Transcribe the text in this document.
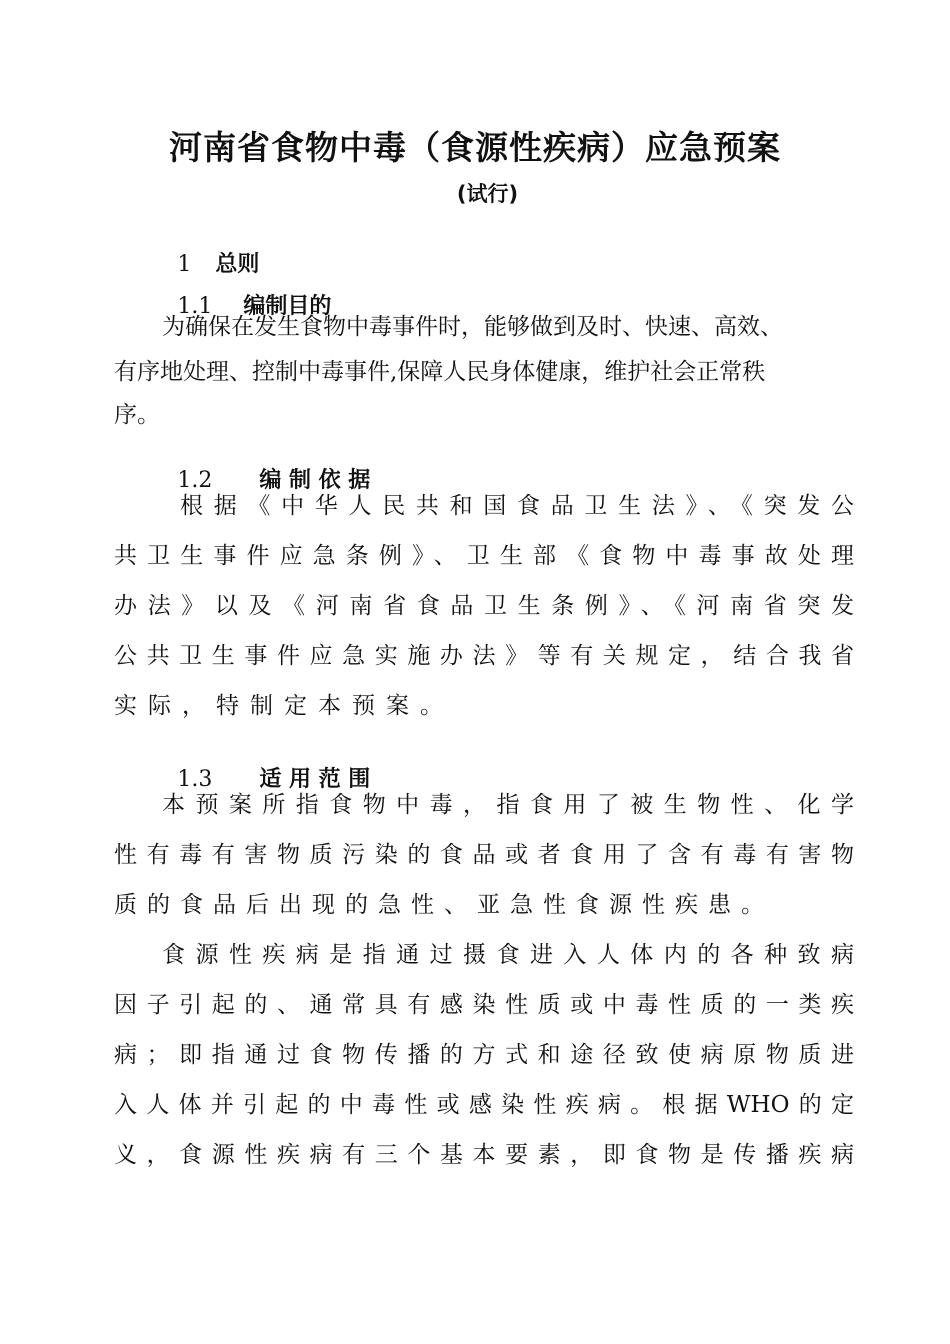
河南省食物中毒（食源性疾病）应急预案
(试行)

1 总则

1.1 编制目的

为确保在发生食物中毒事件时，能够做到及时、快速、高效、
有序地处理、控制中毒事件,保障人民身体健康，维护社会正常秩
序。

1.2 编 制 依 据

根据《中华人民共和国食品卫生法》、《突发公
共卫生事件应急条例》、卫生部《食物中毒事故处理
办法》以及《河南省食品卫生条例》、《河南省突发
公共卫生事件应急实施办法》等有关规定，结合我省
实际，特制定本预案。

1.3 适 用 范 围

本预案所指食物中毒，指食用了被生物性、化学
性有毒有害物质污染的食品或者食用了含有毒有害物
质的食品后出现的急性、亚急性食源性疾患。
食源性疾病是指通过摄食进入人体内的各种致病
因子引起的、通常具有感染性质或中毒性质的一类疾
病；即指通过食物传播的方式和途径致使病原物质进
入人体并引起的中毒性或感染性疾病。根据WHO的定
义，食源性疾病有三个基本要素，即食物是传播疾病
